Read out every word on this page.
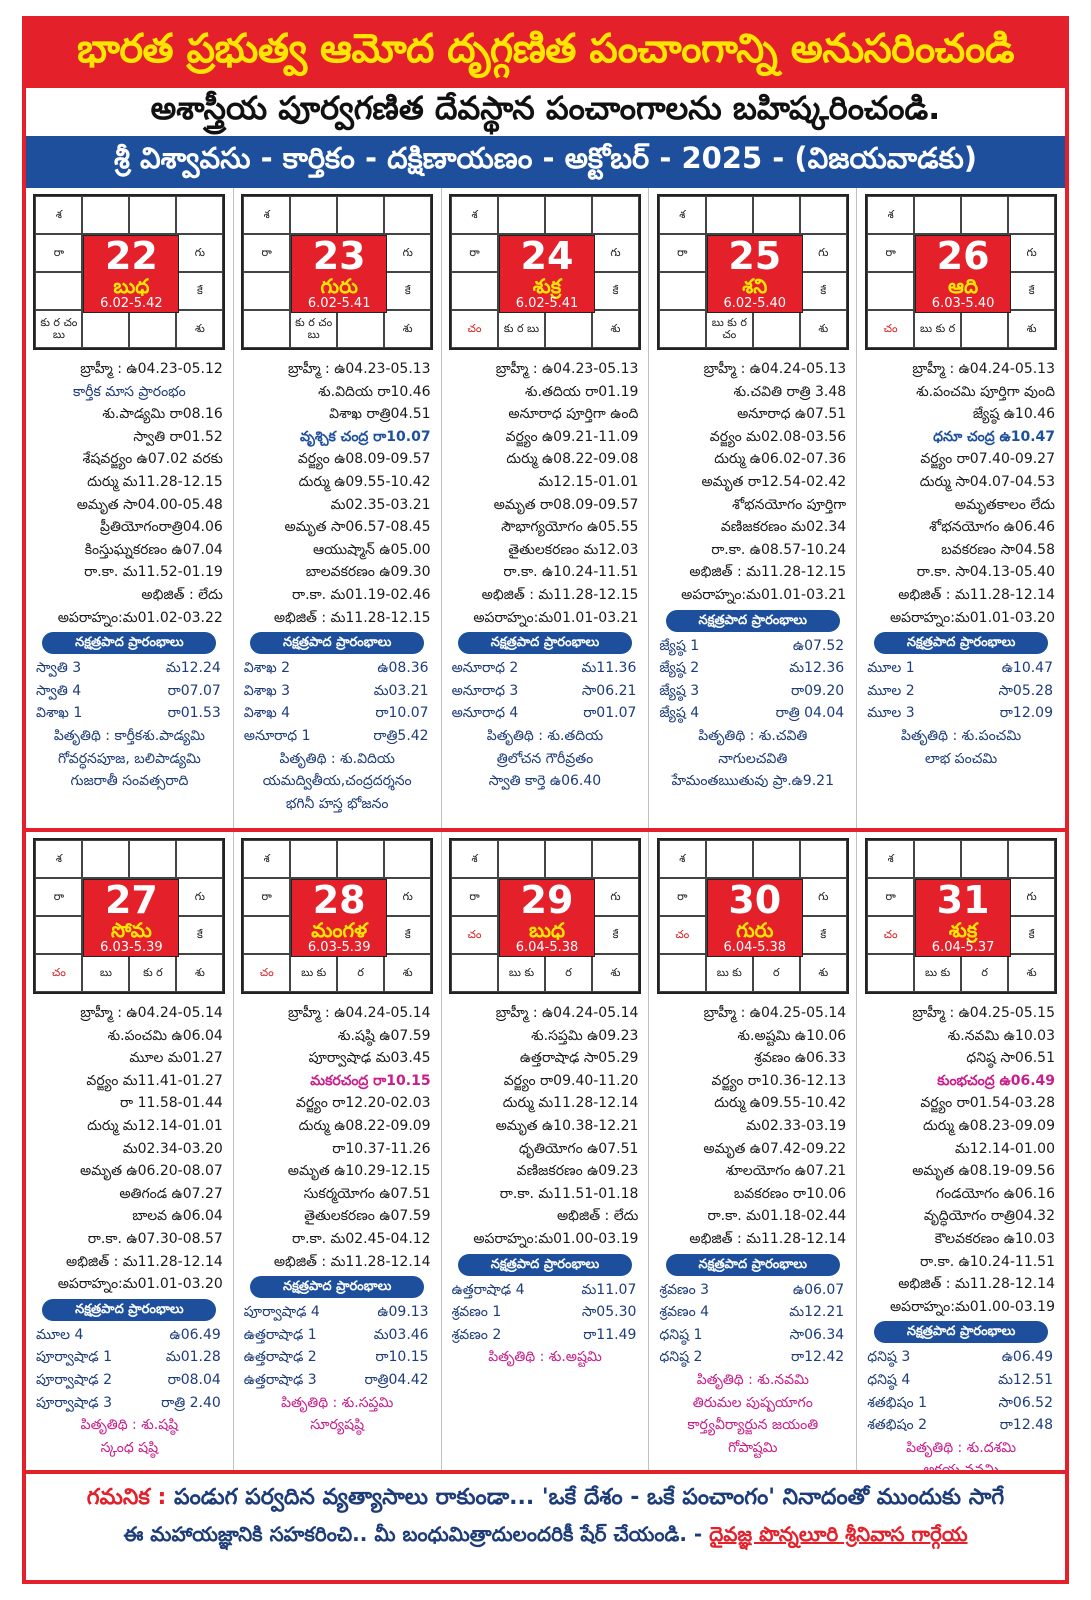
భారత ప్రభుత్వ ఆమోద దృగ్గణిత పంచాంగాన్ని అనుసరించండి
అశాస్త్రీయ పూర్వగణిత దేవస్థాన పంచాంగాలను బహిష్కరించండి.
శ్రీ విశ్వావసు - కార్తికం - దక్షిణాయణం - అక్టోబర్ - 2025 - (విజయవాడకు)
శ
రా	గు
కే
కు ర చం బు	శు
22
బుధ
6.02-5.42
బ్రాహ్మీ : ఉ04.23-05.12
కార్తీక మాస ప్రారంభం
శు.పాడ్యమి రా08.16
స్వాతి రా01.52
శేషవర్జ్యం ఉ07.02 వరకు
దుర్ము మ11.28-12.15
అమృత సా04.00-05.48
ప్రీతియోగంరాత్రి04.06
కింస్తుఘ్నకరణం ఉ07.04
రా.కా. మ11.52-01.19
అభిజిత్ : లేదు
అపరాహ్నం:మ01.02-03.22
నక్షత్రపాద ప్రారంభాలు
స్వాతి 3	మ12.24
స్వాతి 4	రా07.07
విశాఖ 1	రా01.53
పితృతిథి : కార్తీకశు.పాడ్యమి
గోవర్ధనపూజ, బలిపాడ్యమి
గుజరాతీ సంవత్సరాది
శ
రా	గు
కే
కు ర చం బు	శు
23
గురు
6.02-5.41
బ్రాహ్మీ : ఉ04.23-05.13
శు.విదియ రా10.46
విశాఖ రాత్రి04.51
వృశ్చిక చంద్ర రా10.07
వర్జ్యం ఉ08.09-09.57
దుర్ము ఉ09.55-10.42
మ02.35-03.21
అమృత సా06.57-08.45
ఆయుష్మాన్ ఉ05.00
బాలవకరణం ఉ09.30
రా.కా. మ01.19-02.46
అభిజిత్ : మ11.28-12.15
నక్షత్రపాద ప్రారంభాలు
విశాఖ 2	ఉ08.36
విశాఖ 3	మ03.21
విశాఖ 4	రా10.07
అనూరాధ 1	రాత్రి5.42
పితృతిథి : శు.విదియ
యమద్వితీయ,చంద్రదర్శనం
భగినీ హస్త భోజనం
శ
రా	గు
కే
చం	కు ర బు	శు
24
శుక్ర
6.02-5.41
బ్రాహ్మీ : ఉ04.23-05.13
శు.తదియ రా01.19
అనూరాధ పూర్తిగా ఉంది
వర్జ్యం ఉ09.21-11.09
దుర్ము ఉ08.22-09.08
మ12.15-01.01
అమృత రా08.09-09.57
సౌభాగ్యయోగం ఉ05.55
తైతులకరణం మ12.03
రా.కా. ఉ10.24-11.51
అభిజిత్ : మ11.28-12.15
అపరాహ్నం:మ01.01-03.21
నక్షత్రపాద ప్రారంభాలు
అనూరాధ 2	మ11.36
అనూరాధ 3	సా06.21
అనూరాధ 4	రా01.07
పితృతిథి : శు.తదియ
త్రిలోచన గౌరీవ్రతం
స్వాతి కార్తె ఉ06.40
శ
రా	గు
కే
బు కు ర చం	శు
25
శని
6.02-5.40
బ్రాహ్మీ : ఉ04.24-05.13
శు.చవితి రాత్రి 3.48
అనూరాధ ఉ07.51
వర్జ్యం మ02.08-03.56
దుర్ము ఉ06.02-07.36
అమృత రా12.54-02.42
శోభనయోగం పూర్తిగా
వణిజకరణం మ02.34
రా.కా. ఉ08.57-10.24
అభిజిత్ : మ11.28-12.15
అపరాహ్నం:మ01.01-03.21
నక్షత్రపాద ప్రారంభాలు
జ్యేష్ఠ 1	ఉ07.52
జ్యేష్ఠ 2	మ12.36
జ్యేష్ఠ 3	రా09.20
జ్యేష్ఠ 4	రాత్రి 04.04
పితృతిథి : శు.చవితి
నాగులచవితి
హేమంతఋతువు ప్రా.ఉ9.21
శ
రా	గు
కే
చం	బు కు ర	శు
26
ఆది
6.03-5.40
బ్రాహ్మీ : ఉ04.24-05.13
శు.పంచమి పూర్తిగా వుంది
జ్యేష్ఠ ఉ10.46
ధనూ చంద్ర ఉ10.47
వర్జ్యం రా07.40-09.27
దుర్ము సా04.07-04.53
అమృతకాలం లేదు
శోభనయోగం ఉ06.46
బవకరణం సా04.58
రా.కా. సా04.13-05.40
అభిజిత్ : మ11.28-12.14
అపరాహ్నం:మ01.01-03.20
నక్షత్రపాద ప్రారంభాలు
మూల 1	ఉ10.47
మూల 2	సా05.28
మూల 3	రా12.09
పితృతిథి : శు.పంచమి
లాభ పంచమి
శ
రా	గు
కే
చం	బు	కు ర	శు
27
సోమ
6.03-5.39
బ్రాహ్మీ : ఉ04.24-05.14
శు.పంచమి ఉ06.04
మూల మ01.27
వర్జ్యం మ11.41-01.27
రా 11.58-01.44
దుర్ము మ12.14-01.01
మ02.34-03.20
అమృత ఉ06.20-08.07
అతిగండ ఉ07.27
బాలవ ఉ06.04
రా.కా. ఉ07.30-08.57
అభిజిత్ : మ11.28-12.14
అపరాహ్నం:మ01.01-03.20
నక్షత్రపాద ప్రారంభాలు
మూల 4	ఉ06.49
పూర్వాషాఢ 1	మ01.28
పూర్వాషాఢ 2	రా08.04
పూర్వాషాఢ 3	రాత్రి 2.40
పితృతిథి : శు.షష్ఠి
స్కంధ షష్ఠి
శ
రా	గు
కే
చం	బు కు	ర	శు
28
మంగళ
6.03-5.39
బ్రాహ్మీ : ఉ04.24-05.14
శు.షష్ఠి ఉ07.59
పూర్వాషాఢ మ03.45
మకరచంద్ర రా10.15
వర్జ్యం రా12.20-02.03
దుర్ము ఉ08.22-09.09
రా10.37-11.26
అమృత ఉ10.29-12.15
సుకర్మయోగం ఉ07.51
తైతులకరణం ఉ07.59
రా.కా. మ02.45-04.12
అభిజిత్ : మ11.28-12.14
నక్షత్రపాద ప్రారంభాలు
పూర్వాషాఢ 4	ఉ09.13
ఉత్తరాషాఢ 1	మ03.46
ఉత్తరాషాఢ 2	రా10.15
ఉత్తరాషాఢ 3	రాత్రి04.42
పితృతిథి : శు.సప్తమి
సూర్యషష్ఠి
శ
రా	గు
చం	కే
బు కు	ర	శు
29
బుధ
6.04-5.38
బ్రాహ్మీ : ఉ04.24-05.14
శు.సప్తమి ఉ09.23
ఉత్తరాషాఢ సా05.29
వర్జ్యం రా09.40-11.20
దుర్ము మ11.28-12.14
అమృత ఉ10.38-12.21
ధృతియోగం ఉ07.51
వణిజకరణం ఉ09.23
రా.కా. మ11.51-01.18
అభిజిత్ : లేదు
అపరాహ్నం:మ01.00-03.19
నక్షత్రపాద ప్రారంభాలు
ఉత్తరాషాఢ 4	మ11.07
శ్రవణం 1	సా05.30
శ్రవణం 2	రా11.49
పితృతిథి : శు.అష్టమి
శ
రా	గు
చం	కే
బు కు	ర	శు
30
గురు
6.04-5.38
బ్రాహ్మీ : ఉ04.25-05.14
శు.అష్టమి ఉ10.06
శ్రవణం ఉ06.33
వర్జ్యం రా10.36-12.13
దుర్ము ఉ09.55-10.42
మ02.33-03.19
అమృత ఉ07.42-09.22
శూలయోగం ఉ07.21
బవకరణం రా10.06
రా.కా. మ01.18-02.44
అభిజిత్ : మ11.28-12.14
నక్షత్రపాద ప్రారంభాలు
శ్రవణం 3	ఉ06.07
శ్రవణం 4	మ12.21
ధనిష్ఠ 1	సా06.34
ధనిష్ఠ 2	రా12.42
పితృతిథి : శు.నవమి
తిరుమల పుష్పయాగం
కార్త్యవీర్యార్జున జయంతి
గోపాష్టమి
శ
రా	గు
చం	కే
బు కు	ర	శు
31
శుక్ర
6.04-5.37
బ్రాహ్మీ : ఉ04.25-05.15
శు.నవమి ఉ10.03
ధనిష్ఠ సా06.51
కుంభచంద్ర ఉ06.49
వర్జ్యం రా01.54-03.28
దుర్ము ఉ08.23-09.09
మ12.14-01.00
అమృత ఉ08.19-09.56
గండయోగం ఉ06.16
వృద్ధియోగం రాత్రి04.32
కౌలవకరణం ఉ10.03
రా.కా. ఉ10.24-11.51
అభిజిత్ : మ11.28-12.14
అపరాహ్నం:మ01.00-03.19
నక్షత్రపాద ప్రారంభాలు
ధనిష్ఠ 3	ఉ06.49
ధనిష్ఠ 4	మ12.51
శతభిషం 1	సా06.52
శతభిషం 2	రా12.48
పితృతిథి : శు.దశమి
గమనిక : పండుగ పర్వదిన వ్యత్యాసాలు రాకుండా... 'ఒకే దేశం - ఒకే పంచాంగం' నినాదంతో ముందుకు సాగే
ఈ మహాయజ్ఞానికి సహకరించి.. మీ బంధుమిత్రాదులందరికీ షేర్ చేయండి. - దైవజ్ఞ పొన్నలూరి శ్రీనివాస గార్గేయ
